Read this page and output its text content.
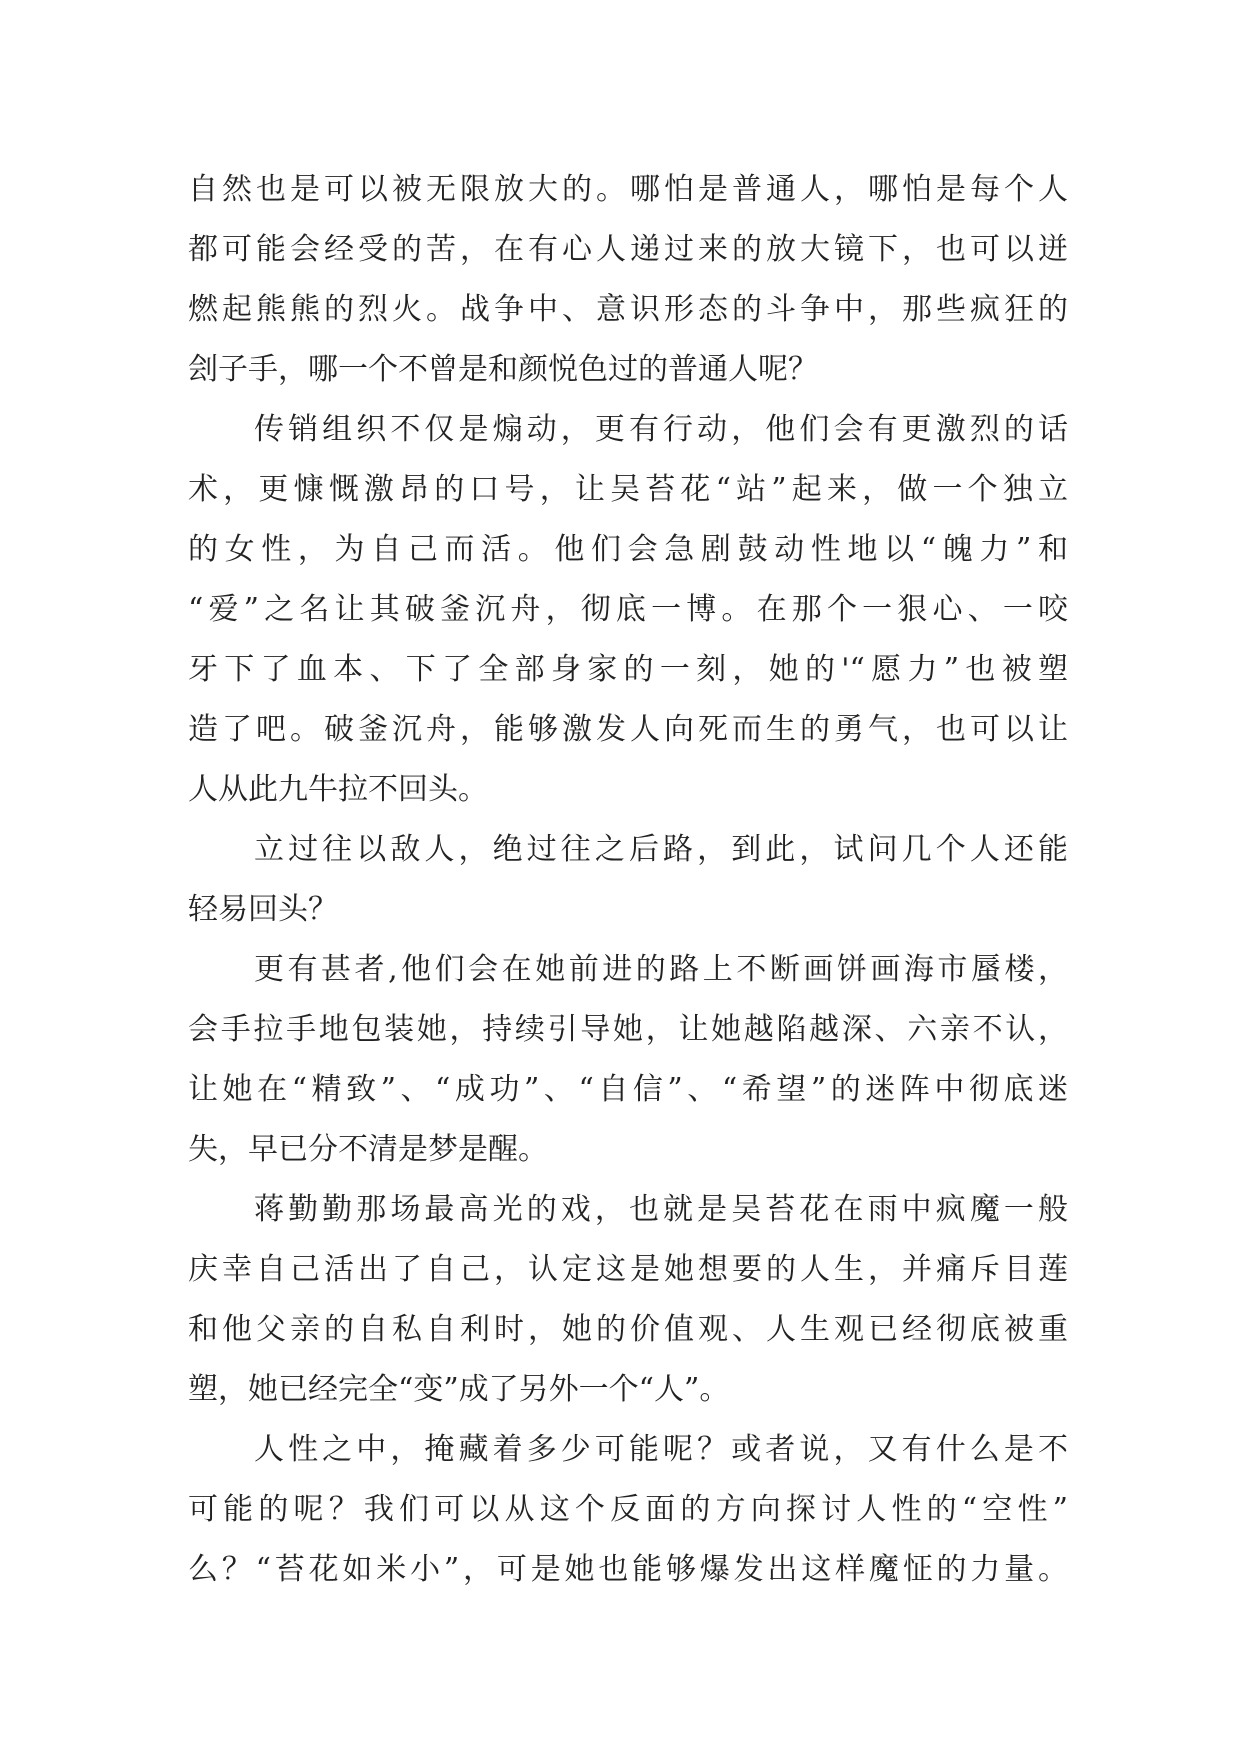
自然也是可以被无限放大的。哪怕是普通人，哪怕是每个人
都可能会经受的苦，在有心人递过来的放大镜下，也可以迸
燃起熊熊的烈火。战争中、意识形态的斗争中，那些疯狂的
刽子手，哪一个不曾是和颜悦色过的普通人呢？
传销组织不仅是煽动，更有行动，他们会有更激烈的话
术，更慷慨激昂的口号，让吴苔花“站”起来，做一个独立
的女性，为自己而活。他们会急剧鼓动性地以“魄力”和
“爱”之名让其破釜沉舟，彻底一博。在那个一狠心、一咬
牙下了血本、下了全部身家的一刻，她的'“愿力”也被塑
造了吧。破釜沉舟，能够激发人向死而生的勇气，也可以让
人从此九牛拉不回头。
立过往以敌人，绝过往之后路，到此，试问几个人还能
轻易回头？
更有甚者,他们会在她前进的路上不断画饼画海市蜃楼，
会手拉手地包装她，持续引导她，让她越陷越深、六亲不认，
让她在“精致”、“成功”、“自信”、“希望”的迷阵中彻底迷
失，早已分不清是梦是醒。
蒋勤勤那场最高光的戏，也就是吴苔花在雨中疯魔一般
庆幸自己活出了自己，认定这是她想要的人生，并痛斥目莲
和他父亲的自私自利时，她的价值观、人生观已经彻底被重
塑，她已经完全“变”成了另外一个“人”。
人性之中，掩藏着多少可能呢？或者说，又有什么是不
可能的呢？我们可以从这个反面的方向探讨人性的“空性”
么？“苔花如米小”，可是她也能够爆发出这样魔怔的力量。
